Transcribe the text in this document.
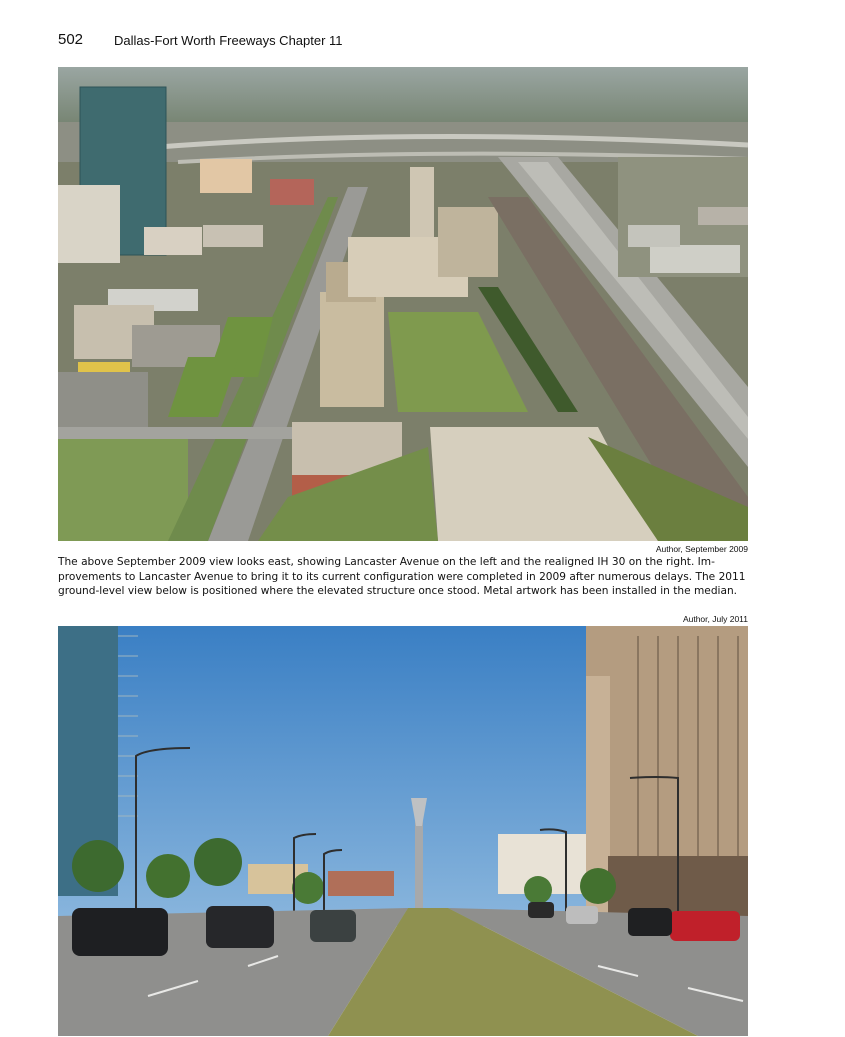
502 Dallas-Fort Worth Freeways Chapter 11
Author, September 2009

The above September 2009 view looks east, showing Lancaster Avenue on the left and the realigned IH 30 on the right. Im-provements to Lancaster Avenue to bring it to its current configuration were completed in 2009 after numerous delays. The 2011 ground-level view below is positioned where the elevated structure once stood. Metal artwork has been installed in the median.

Author, July 2011
